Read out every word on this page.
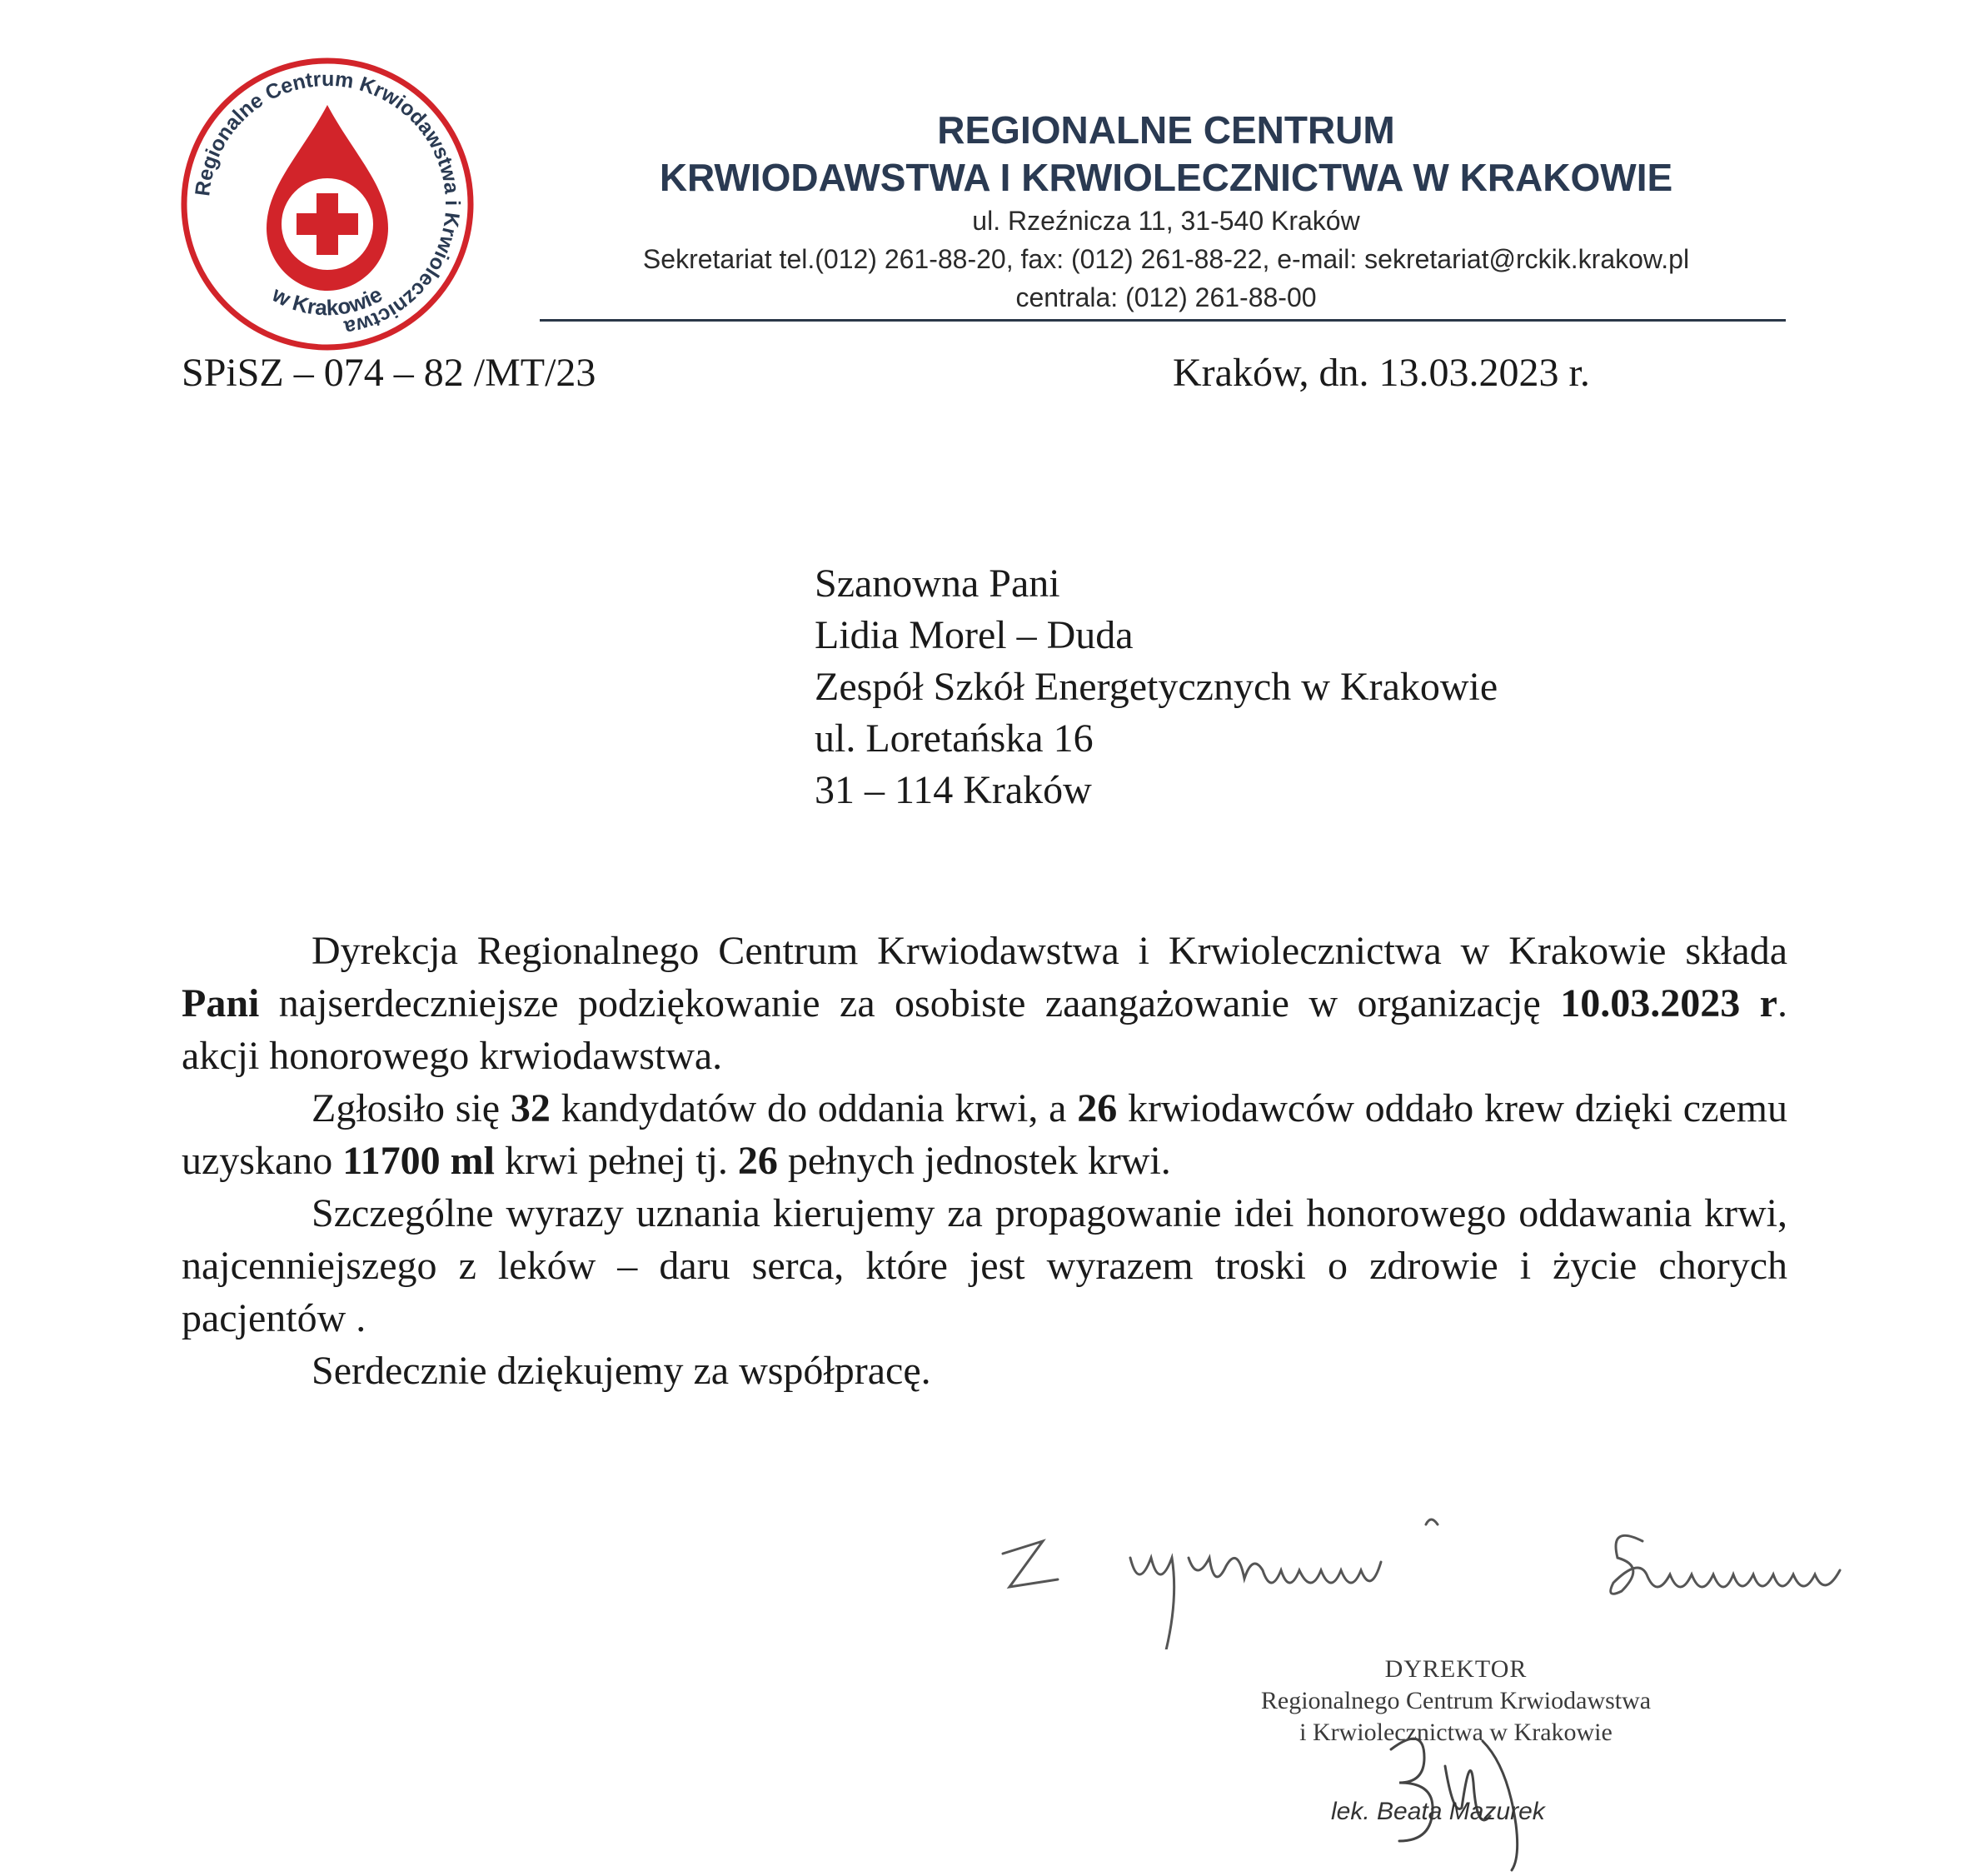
Regionalne Centrum Krwiodawstwa i Krwiolecznictwa
w Krakowie
REGIONALNE CENTRUM
KRWIODAWSTWA I KRWIOLECZNICTWA W KRAKOWIE
ul. Rzeźnicza 11, 31-540 Kraków
Sekretariat tel.(012) 261-88-20, fax: (012) 261-88-22, e-mail: sekretariat@rckik.krakow.pl
centrala: (012) 261-88-00
SPiSZ – 074 – 82 /MT/23	Kraków, dn. 13.03.2023 r.
Szanowna Pani
Lidia Morel – Duda
Zespół Szkół Energetycznych w Krakowie
ul. Loretańska 16
31 – 114 Kraków

Dyrekcja Regionalnego Centrum Krwiodawstwa i Krwiolecznictwa w Krakowie składa Pani najserdeczniejsze podziękowanie za osobiste zaangażowanie w organizację 10.03.2023 r. akcji honorowego krwiodawstwa.

Zgłosiło się 32 kandydatów do oddania krwi, a 26 krwiodawców oddało krew dzięki czemu uzyskano 11700 ml krwi pełnej tj. 26 pełnych jednostek krwi.

Szczególne wyrazy uznania kierujemy za propagowanie idei honorowego oddawania krwi, najcenniejszego z leków – daru serca, które jest wyrazem troski o zdrowie i życie chorych pacjentów .

Serdecznie dziękujemy za współpracę.

DYREKTOR
Regionalnego Centrum Krwiodawstwa
i Krwiolecznictwa w Krakowie
lek. Beata Mazurek
